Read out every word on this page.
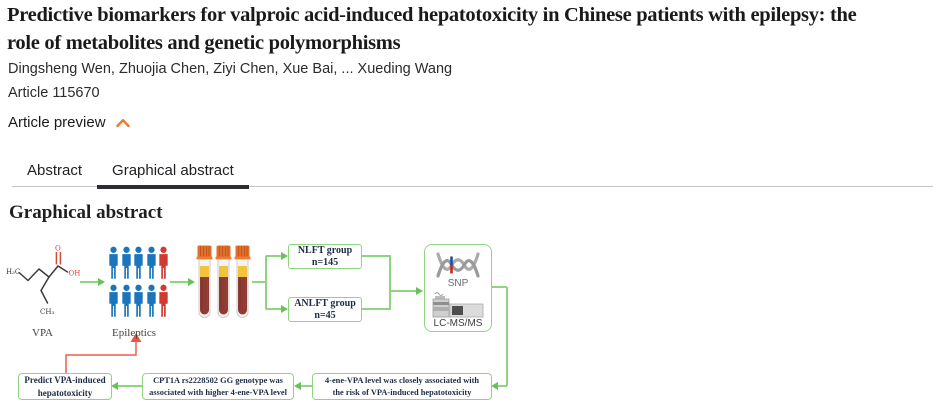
Predictive biomarkers for valproic acid-induced hepatotoxicity in Chinese patients with epilepsy: the
role of metabolites and genetic polymorphisms
Dingsheng Wen, Zhuojia Chen, Ziyi Chen, Xue Bai, ... Xueding Wang
Article 115670
Article preview
Abstract	Graphical abstract
Graphical abstract
H₃C
O
OH
CH₃
VPA	Epileptics
NLFT group
n=145
ANLFT group
n=45
SNP
LC-MS/MS
Predict VPA-induced
hepatotoxicity
CPT1A rs2228502 GG genotype was
associated with higher 4-ene-VPA level
4-ene-VPA level was closely associated with
the risk of VPA-induced hepatotoxicity
